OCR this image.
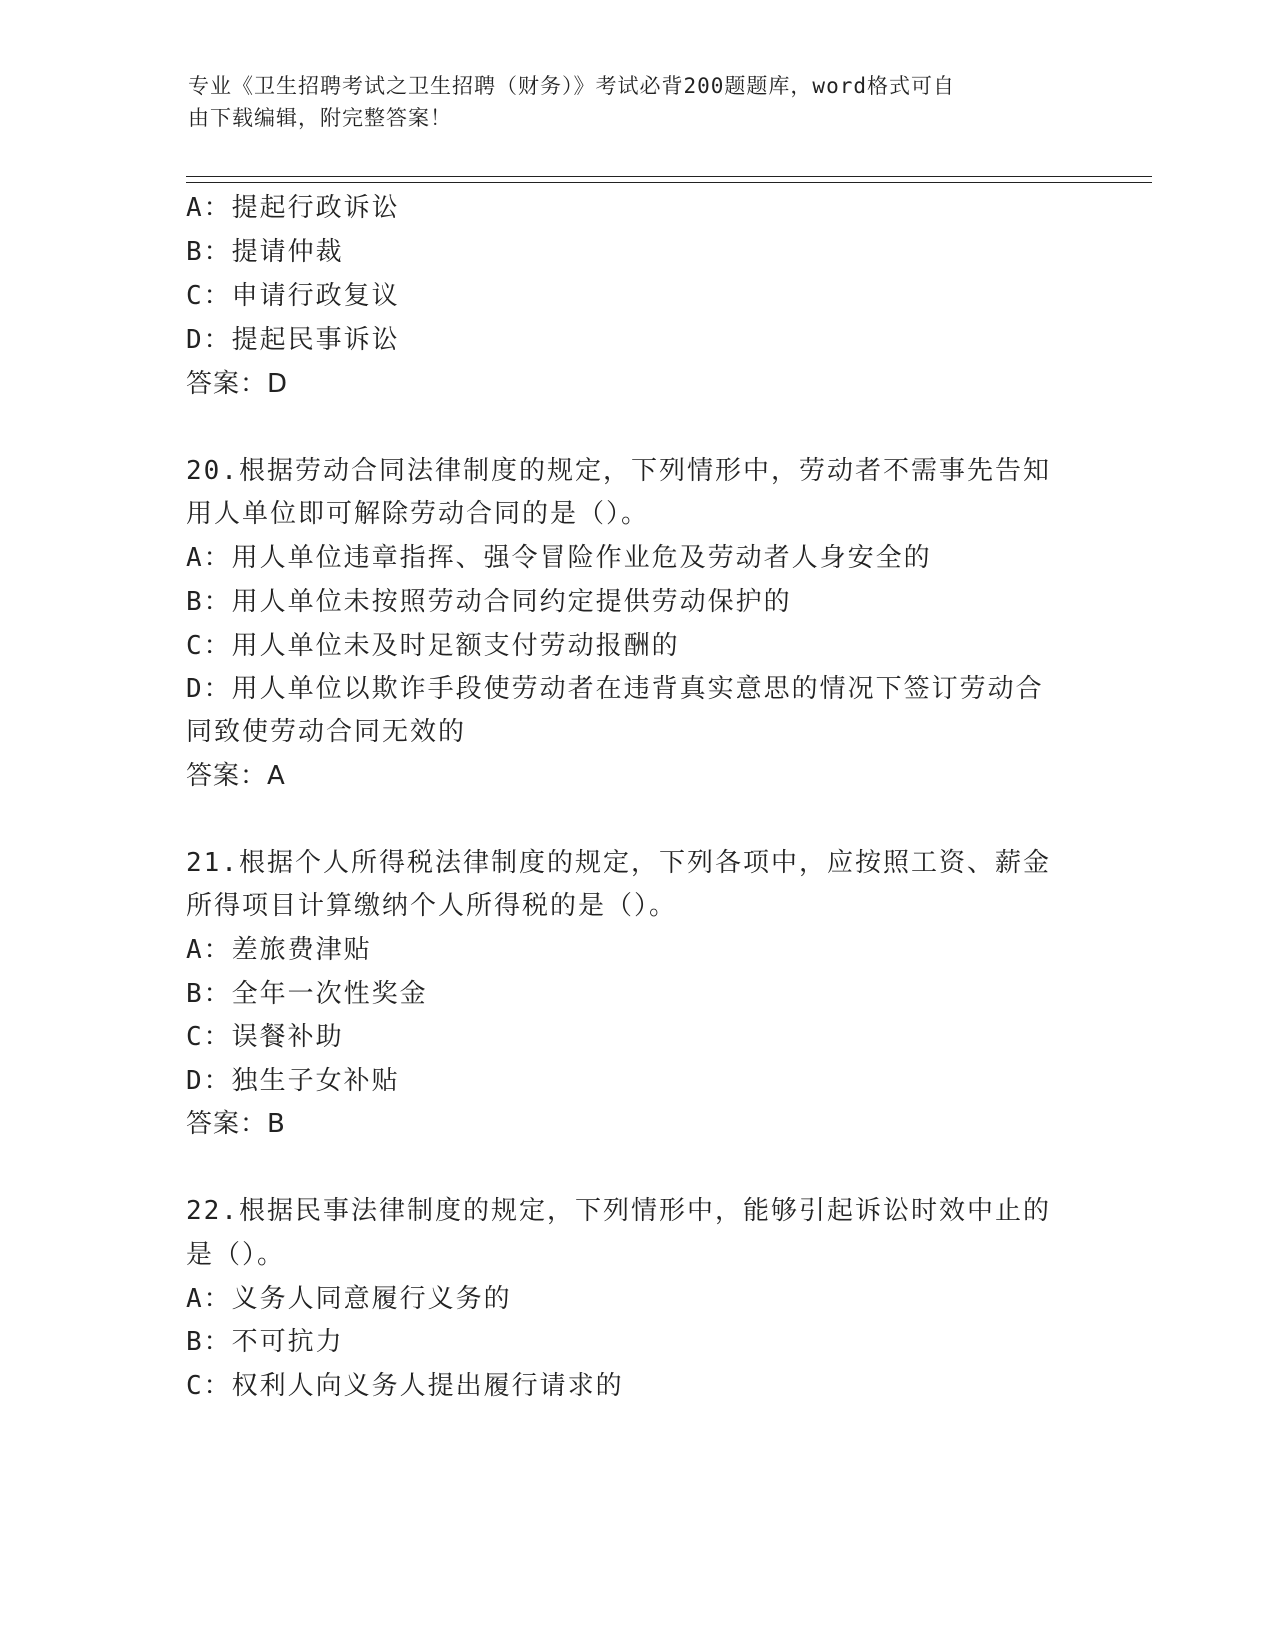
专业《卫生招聘考试之卫生招聘（财务）》考试必背200题题库，word格式可自
由下载编辑，附完整答案！
A：提起行政诉讼
B：提请仲裁
C：申请行政复议
D：提起民事诉讼
答案：D
20.根据劳动合同法律制度的规定，下列情形中，劳动者不需事先告知
用人单位即可解除劳动合同的是（）。
A：用人单位违章指挥、强令冒险作业危及劳动者人身安全的
B：用人单位未按照劳动合同约定提供劳动保护的
C：用人单位未及时足额支付劳动报酬的
D：用人单位以欺诈手段使劳动者在违背真实意思的情况下签订劳动合
同致使劳动合同无效的
答案：A
21.根据个人所得税法律制度的规定，下列各项中，应按照工资、薪金
所得项目计算缴纳个人所得税的是（）。
A：差旅费津贴
B：全年一次性奖金
C：误餐补助
D：独生子女补贴
答案：B
22.根据民事法律制度的规定，下列情形中，能够引起诉讼时效中止的
是（）。
A：义务人同意履行义务的
B：不可抗力
C：权利人向义务人提出履行请求的
